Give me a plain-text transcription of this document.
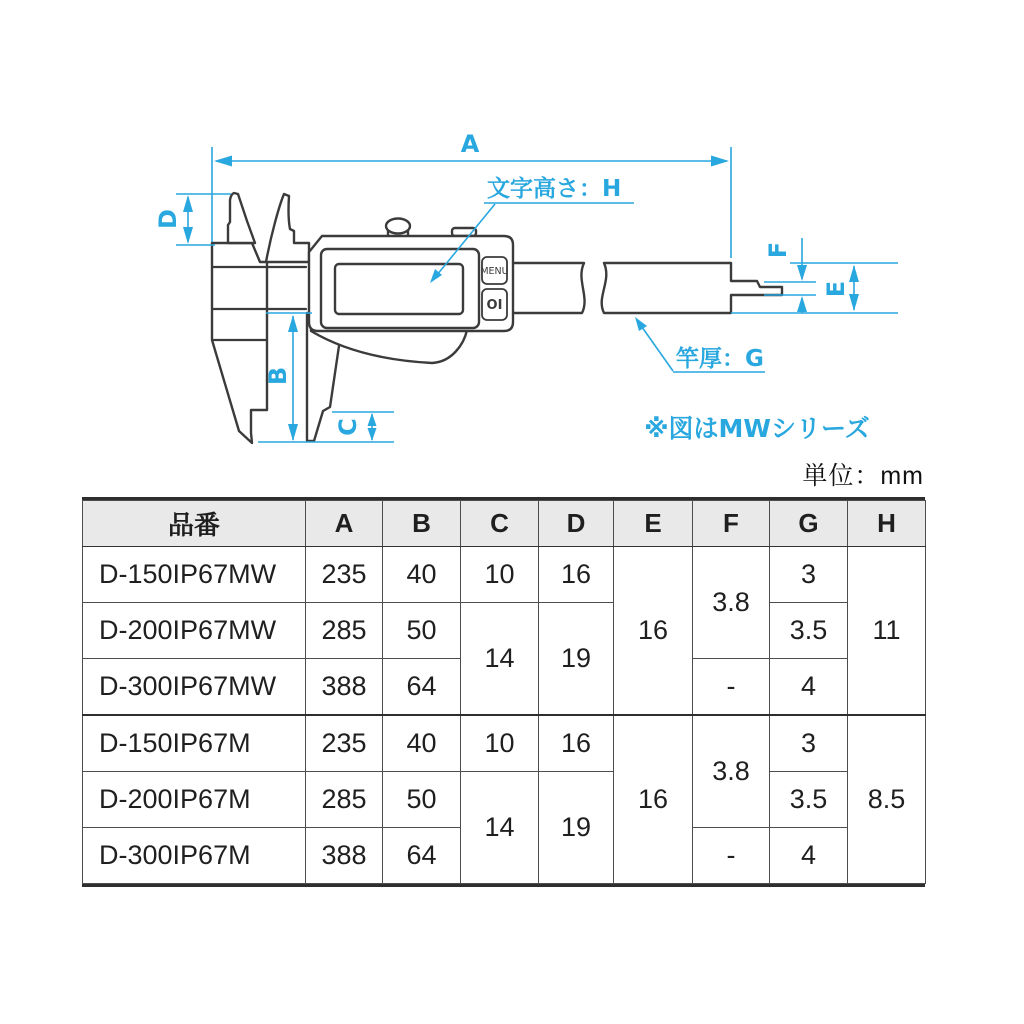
MENU
OI
A
D
B
C
文字高さ：H
竿厚：G
F
E
※図はMWシリーズ
単位：mm
品番	A	B	C	D	E	F	G	H
D-150IP67MW	235	40	10	16	16	3.8	3	11
D-200IP67MW	285	50	14	19			3.5	
D-300IP67MW	388	64				-	4	
D-150IP67M	235	40	10	16	16	3.8	3	8.5
D-200IP67M	285	50	14	19			3.5	
D-300IP67M	388	64				-	4	
